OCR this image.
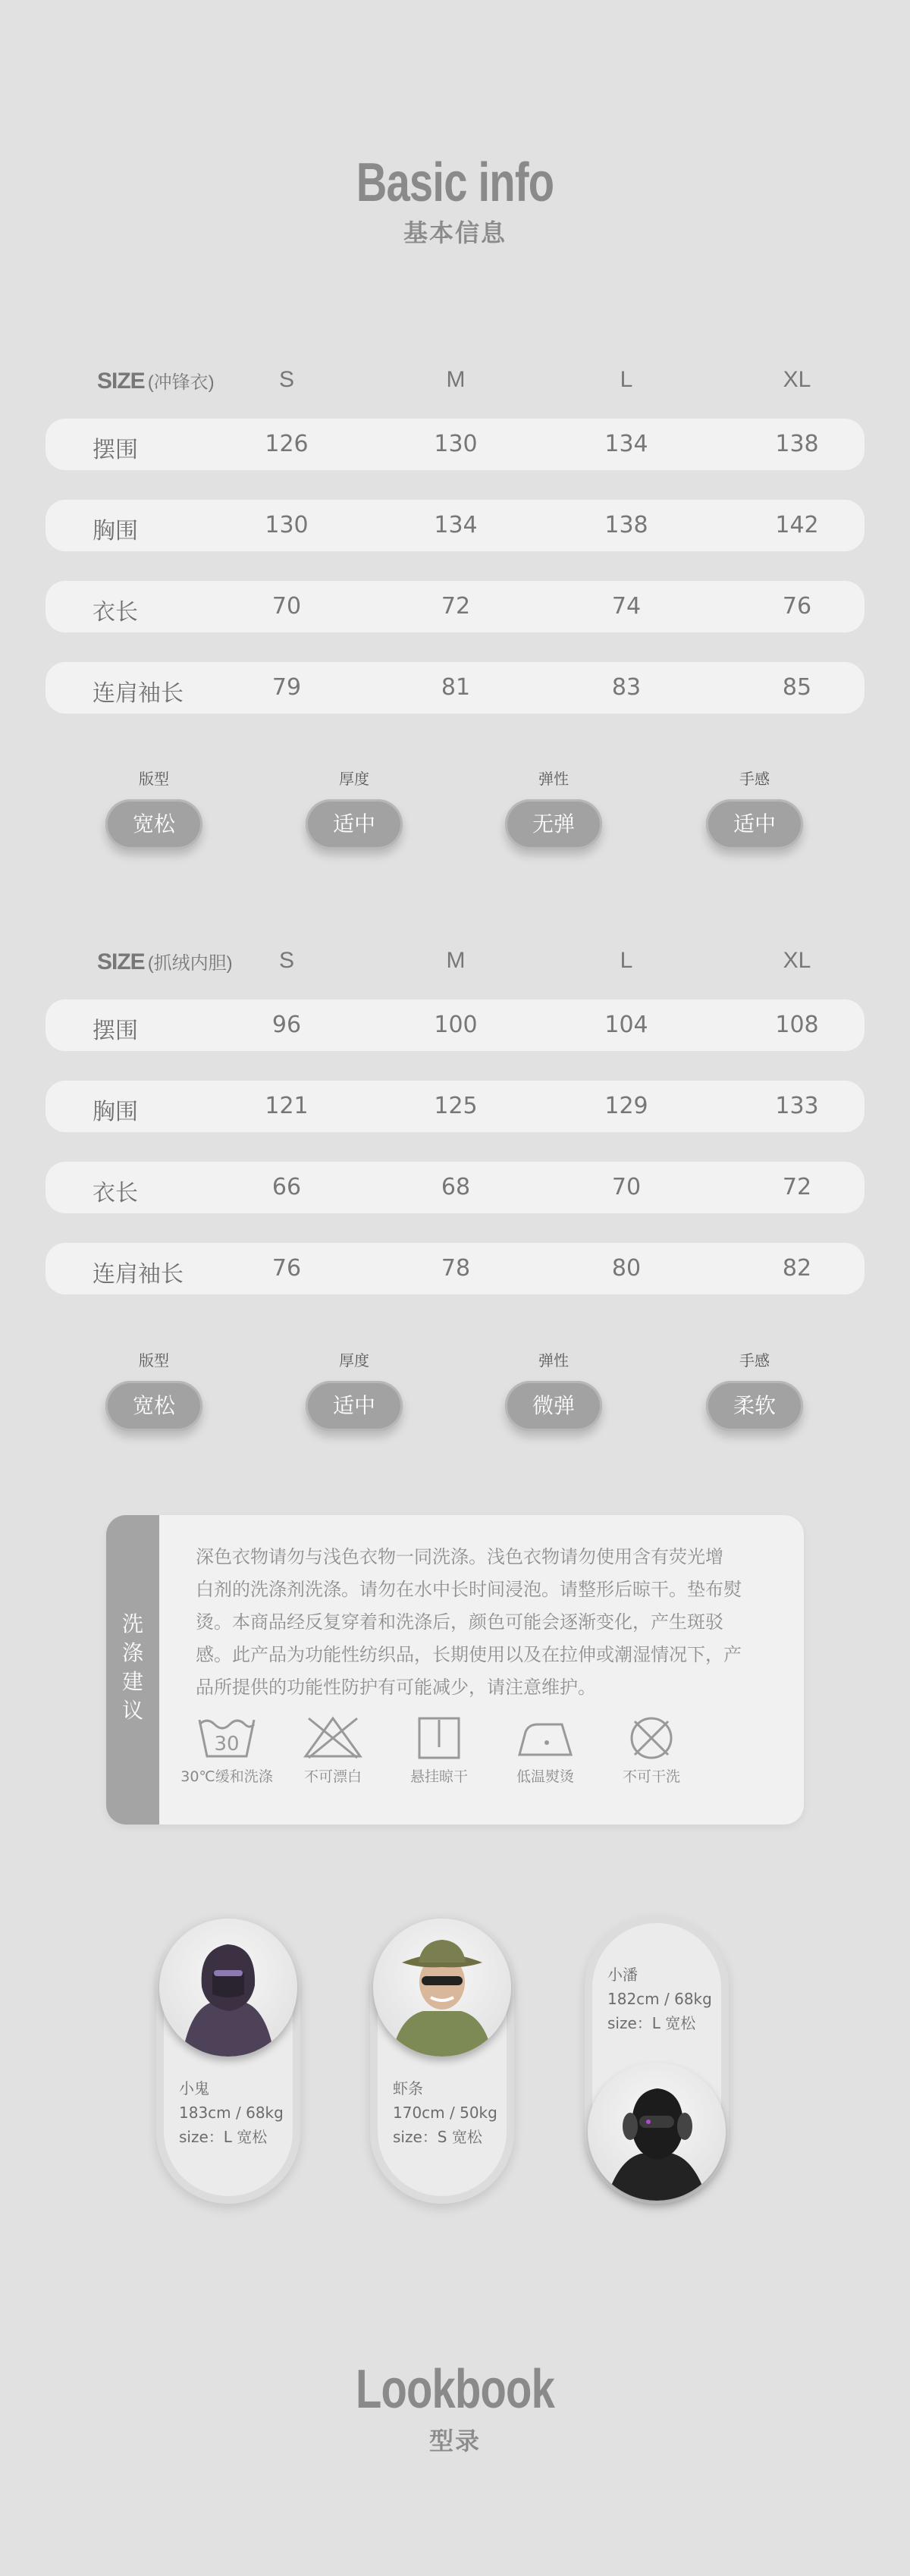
Basic info
基本信息
SIZE (冲锋衣)	S	M	L	XL
摆围	126	130	134	138
胸围	130	134	138	142
衣长	70	72	74	76
连肩袖长	79	81	83	85
版型
宽松
厚度
适中
弹性
无弹
手感
适中
SIZE (抓绒内胆)	S	M	L	XL
摆围	96	100	104	108
胸围	121	125	129	133
衣长	66	68	70	72
连肩袖长	76	78	80	82
版型
宽松
厚度
适中
弹性
微弹
手感
柔软
洗
涤
建
议
深色衣物请勿与浅色衣物一同洗涤。浅色衣物请勿使用含有荧光增
白剂的洗涤剂洗涤。请勿在水中长时间浸泡。请整形后晾干。垫布熨
烫。本商品经反复穿着和洗涤后，颜色可能会逐渐变化，产生斑驳
感。此产品为功能性纺织品，长期使用以及在拉伸或潮湿情况下，产
品所提供的功能性防护有可能减少，请注意维护。
30
30℃缓和洗涤	不可漂白	悬挂晾干	低温熨烫	不可干洗
小鬼
183cm / 68kg
size：L 宽松
虾条
170cm / 50kg
size：S 宽松
小潘
182cm / 68kg
size：L 宽松
Lookbook
型录
